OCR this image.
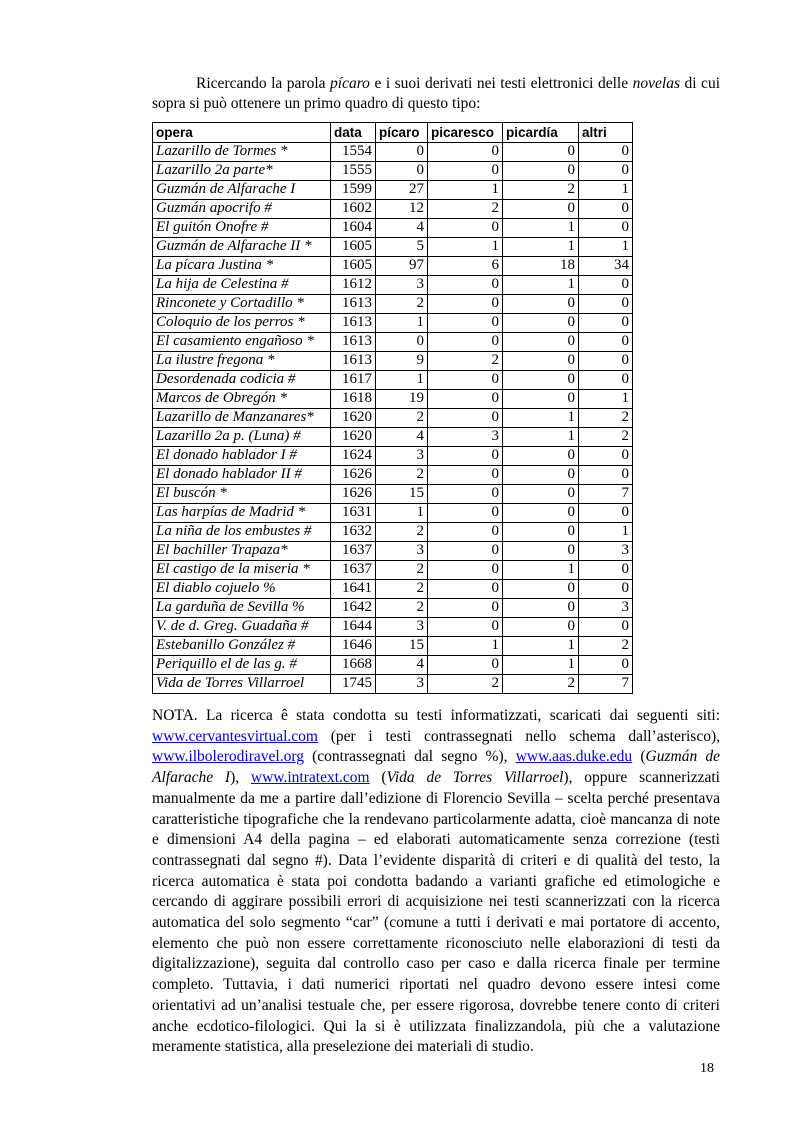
Ricercando la parola pícaro e i suoi derivati nei testi elettronici delle novelas di cui sopra si può ottenere un primo quadro di questo tipo:

opera	data	pícaro	picaresco	picardía	altri
Lazarillo de Tormes *	1554	0	0	0	0
Lazarillo 2a parte*	1555	0	0	0	0
Guzmán de Alfarache I	1599	27	1	2	1
Guzmán apocrifo #	1602	12	2	0	0
El guitón Onofre #	1604	4	0	1	0
Guzmán de Alfarache II *	1605	5	1	1	1
La pícara Justina *	1605	97	6	18	34
La hija de Celestina #	1612	3	0	1	0
Rinconete y Cortadillo *	1613	2	0	0	0
Coloquio de los perros *	1613	1	0	0	0
El casamiento engañoso *	1613	0	0	0	0
La ilustre fregona *	1613	9	2	0	0
Desordenada codicia #	1617	1	0	0	0
Marcos de Obregón *	1618	19	0	0	1
Lazarillo de Manzanares*	1620	2	0	1	2
Lazarillo 2a p. (Luna) #	1620	4	3	1	2
El donado hablador I #	1624	3	0	0	0
El donado hablador II #	1626	2	0	0	0
El buscón *	1626	15	0	0	7
Las harpías de Madrid *	1631	1	0	0	0
La niña de los embustes #	1632	2	0	0	1
El bachiller Trapaza*	1637	3	0	0	3
El castigo de la miseria *	1637	2	0	1	0
El diablo cojuelo %	1641	2	0	0	0
La garduña de Sevilla %	1642	2	0	0	3
V. de d. Greg. Guadaña #	1644	3	0	0	0
Estebanillo González #	1646	15	1	1	2
Periquillo el de las g. #	1668	4	0	1	0
Vida de Torres Villarroel	1745	3	2	2	7

NOTA. La ricerca ê stata condotta su testi informatizzati, scaricati dai seguenti siti: www.cervantesvirtual.com (per i testi contrassegnati nello schema dall’asterisco), www.ilbolerodiravel.org (contrassegnati dal segno %), www.aas.duke.edu (Guzmán de Alfarache I), www.intratext.com (Vida de Torres Villarroel), oppure scannerizzati manualmente da me a partire dall’edizione di Florencio Sevilla – scelta perché presentava caratteristiche tipografiche che la rendevano particolarmente adatta, cioè mancanza di note e dimensioni A4 della pagina – ed elaborati automaticamente senza correzione (testi contrassegnati dal segno #). Data l’evidente disparità di criteri e di qualità del testo, la ricerca automatica è stata poi condotta badando a varianti grafiche ed etimologiche e cercando di aggirare possibili errori di acquisizione nei testi scannerizzati con la ricerca automatica del solo segmento “car” (comune a tutti i derivati e mai portatore di accento, elemento che può non essere correttamente riconosciuto nelle elaborazioni di testi da digitalizzazione), seguita dal controllo caso per caso e dalla ricerca finale per termine completo. Tuttavia, i dati numerici riportati nel quadro devono essere intesi come orientativi ad un’analisi testuale che, per essere rigorosa, dovrebbe tenere conto di criteri anche ecdotico-filologici. Qui la si è utilizzata finalizzandola, più che a valutazione meramente statistica, alla preselezione dei materiali di studio.

18
